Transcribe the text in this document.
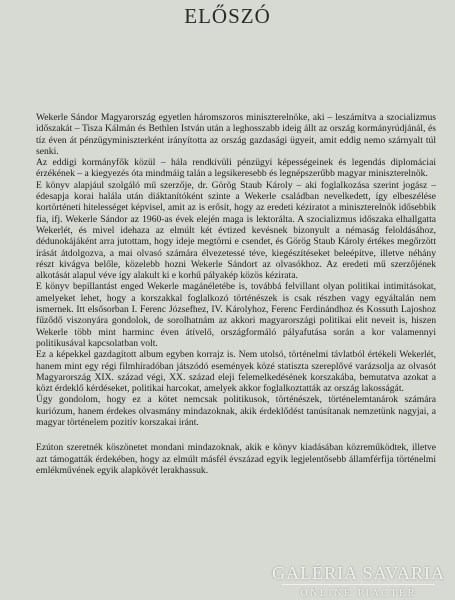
ELŐSZÓ

Wekerle Sándor Magyarország egyetlen háromszoros miniszterelnöke, aki – leszámítva a szocializmus időszakát – Tisza Kálmán és Bethlen István után a leghosszabb ideig állt az ország kormányrúdjánál, és tíz éven át pénzügyminiszterként irányította az ország gazdasági ügyeit, amit eddig nemo szárnyalt túl senki.

Az eddigi kormányfők közül – hála rendkívüli pénzügyi képességeinek és legendás diplomáciai érzékének – a kiegyezés óta mindmáig talán a legsikeresebb és legnépszerűbb magyar miniszterelnök.

E könyv alapjául szolgáló mű szerzője, dr. Görög Staub Károly – aki foglalkozása szerint jogász – édesapja korai halála után diáktanítóként szinte a Wekerle családban nevelkedett, így elbeszélése kortörténeti hitelességet képvisel, amit az is erősít, hogy az eredeti kéziratot a miniszterelnök idősebbik fia, ifj. Wekerle Sándor az 1960-as évek elején maga is lektorálta. A szocializmus időszaka elhallgatta Wekerlét, és mivel idehaza az elmúlt két évtized kevésnek bizonyult a némaság feloldásához, dédunokájáként arra jutottam, hogy ideje megtörni e csendet, és Görög Staub Károly értékes megőrzött írását átdolgozva, a mai olvasó számára élvezetessé téve, kiegészítéseket beleépítve, illetve néhány részt kivágva belőle, közelebb hozni Wekerle Sándort az olvasókhoz. Az eredeti mű szerzőjének alkotását alapul véve így alakult ki e korhű pályakép közös kézirata.

E könyv bepillantást enged Wekerle magánéletébe is, továbbá felvillant olyan politikai intimitásokat, amelyeket lehet, hogy a korszakkal foglalkozó történészek is csak részben vagy egyáltalán nem ismernek. Itt elsősorban I. Ferenc Józsefhez, IV. Károlyhoz, Ferenc Ferdinándhoz és Kossuth Lajoshoz fűződő viszonyára gondolok, de sorolhatnám az akkori magyarországi politikai elit neveit is, hiszen Wekerle több mint harminc éven átívelő, országformáló pályafutása során a kor valamennyi politikusával kapcsolatban volt.

Ez a képekkel gazdagított album egyben korrajz is. Nem utolsó, történelmi távlatból értékeli Wekerlét, hanem mint egy régi filmhíradóban játszódó események közé statiszta szereplővé varázsolja az olvasót Magyarország XIX. század végi, XX. század eleji felemelkedésének korszakába, bemutatva azokat a közt érdeklő kérdéseket, politikai harcokat, amelyek akkor foglalkoztatták az ország lakosságát.

Úgy gondolom, hogy ez a kötet nemcsak politikusok, történészek, történelemtanárok számára kuriózum, hanem érdekes olvasmány mindazoknak, akik érdeklődést tanúsítanak nemzetünk nagyjai, a magyar történelem pozitív korszakai iránt.

Ezúton szeretnék köszönetet mondani mindazoknak, akik e könyv kiadásában közreműködtek, illetve azt támogatták érdekében, hogy az elmúlt másfél évszázad egyik legjelentősebb államférfija történelmi emlékművének egyik alapkövét lerakhassuk.

GALÉRIA SAVARIA
ONLINE PIACTÉR
